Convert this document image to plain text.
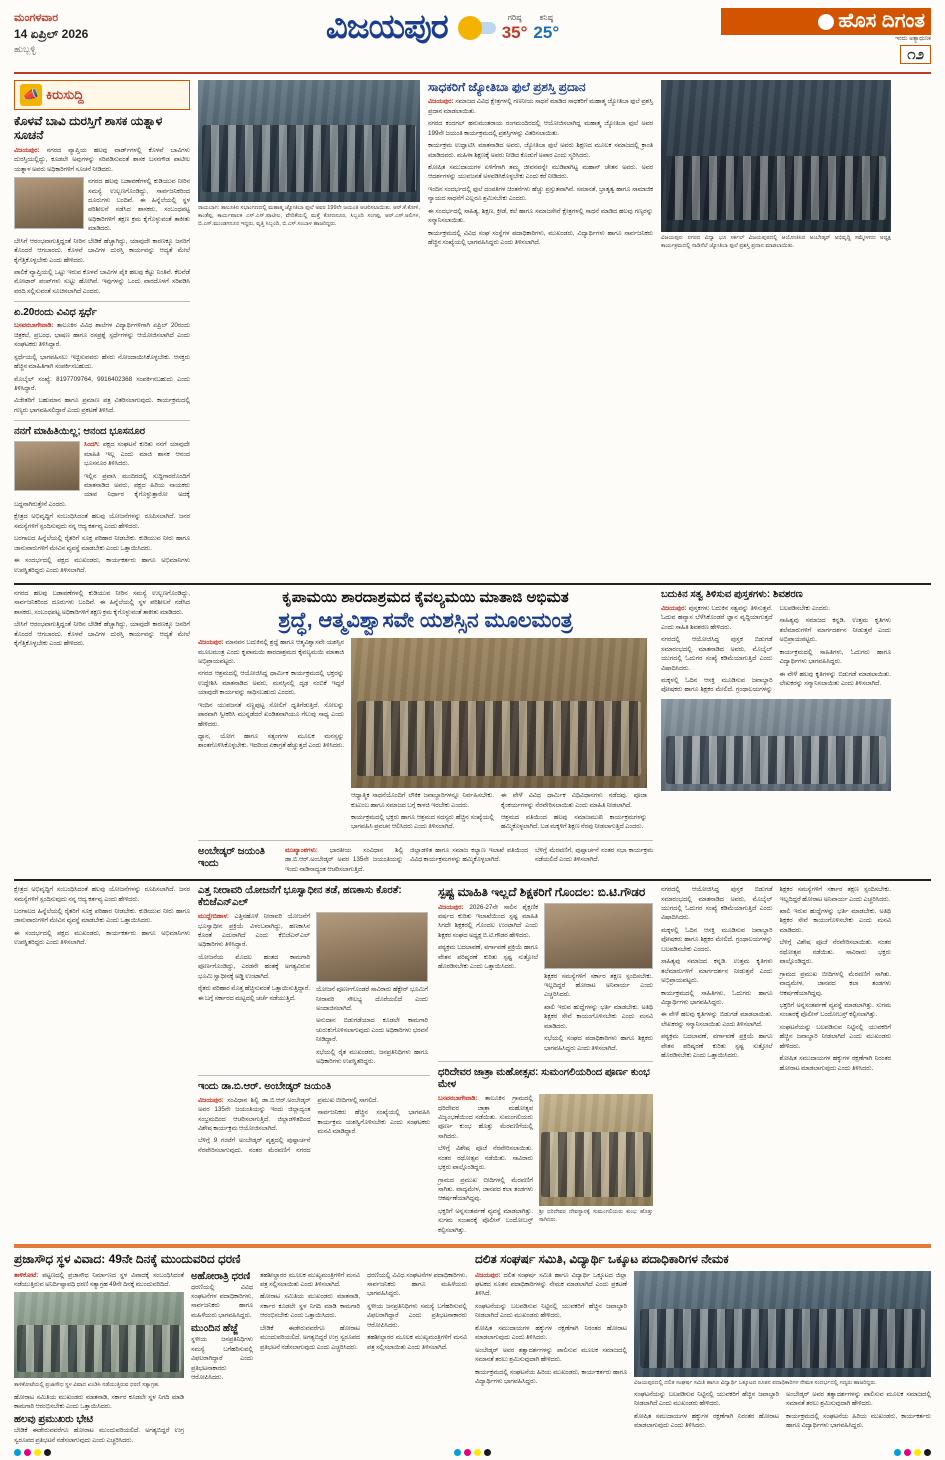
ಮಂಗಳವಾರ
14 ಏಪ್ರಿಲ್ 2026
ಹುಬ್ಬಳ್ಳಿ
ವಿಜಯಪುರ	ಗರಿಷ್ಠ
35°
ಕನಿಷ್ಠ
25°	ಹೊಸ ದಿಗಂತ
ಇಂದು ಅತ್ಯಾಧುನಿಕ
೧೨
📣 ಕಿರುಸುದ್ದಿ
ಕೊಳವೆ ಬಾವಿ ದುರಸ್ತಿಗೆ ಶಾಸಕ ಯತ್ನಾಳ ಸೂಚನೆ

ವಿಜಯಪುರ: ನಗರದ ವ್ಯಾಪ್ತಿಯ ಹಲವು ವಾರ್ಡ್‌ಗಳಲ್ಲಿ ಕೊಳವೆ ಬಾವಿಗಳು ದುರಸ್ತಿಯಲ್ಲಿದ್ದು, ಕೂಡಲೇ ಅವುಗಳನ್ನು ಸರಿಪಡಿಸುವಂತೆ ಶಾಸಕ ಬಸನಗೌಡ ಪಾಟೀಲ ಯತ್ನಾಳ ಅವರು ಅಧಿಕಾರಿಗಳಿಗೆ ಸೂಚನೆ ನೀಡಿದರು.

ನಗರದ ಹಲವು ಬಡಾವಣೆಗಳಲ್ಲಿ ಕುಡಿಯುವ ನೀರಿನ ಸಮಸ್ಯೆ ಉಲ್ಬಣಗೊಂಡಿದ್ದು, ಸಾರ್ವಜನಿಕರಿಂದ ದೂರುಗಳು ಬಂದಿವೆ. ಈ ಹಿನ್ನೆಲೆಯಲ್ಲಿ ಸ್ಥಳ ಪರಿಶೀಲನೆ ನಡೆಸಿದ ಶಾಸಕರು, ಸಂಬಂಧಪಟ್ಟ ಅಧಿಕಾರಿಗಳಿಗೆ ತಕ್ಷಣ ಕ್ರಮ ಕೈಗೊಳ್ಳುವಂತೆ ತಾಕೀತು ಮಾಡಿದರು.

ಬೇಸಿಗೆ ಆರಂಭವಾಗುತ್ತಿದ್ದಂತೆ ನೀರಿನ ಬೇಡಿಕೆ ಹೆಚ್ಚಾಗಿದ್ದು, ಯಾವುದೇ ಕಾರಣಕ್ಕೂ ಜನರಿಗೆ ತೊಂದರೆ ಆಗಬಾರದು. ಕೊಳವೆ ಬಾವಿಗಳ ದುರಸ್ತಿ ಕಾರ್ಯವನ್ನು ಆದ್ಯತೆ ಮೇಲೆ ಕೈಗೆತ್ತಿಕೊಳ್ಳಬೇಕು ಎಂದು ಹೇಳಿದರು.

ಪಾಲಿಕೆ ವ್ಯಾಪ್ತಿಯಲ್ಲಿ ಒಟ್ಟು ಇರುವ ಕೊಳವೆ ಬಾವಿಗಳ ಪೈಕಿ ಹಲವು ಕೆಟ್ಟು ನಿಂತಿವೆ. ಕೆಲವೆಡೆ ಮೋಟಾರ್ ಪಂಪ್‌ಗಳು ಸುಟ್ಟು ಹೋಗಿವೆ. ಇವುಗಳನ್ನು ಒಂದು ವಾರದೊಳಗೆ ಸರಿಪಡಿಸಿ ವರದಿ ಸಲ್ಲಿಸುವಂತೆ ಸೂಚಿಸಲಾಗಿದೆ ಎಂದರು.

ಏ.20ರಂದು ವಿವಿಧ ಸ್ಪರ್ಧೆ

ಬಸವನಬಾಗೇವಾಡಿ: ತಾಲೂಕಿನ ವಿವಿಧ ಶಾಲೆಗಳ ವಿದ್ಯಾರ್ಥಿಗಳಿಗಾಗಿ ಏಪ್ರಿಲ್ 20ರಂದು ಚಿತ್ರಕಲೆ, ಪ್ರಬಂಧ, ಭಾಷಣ ಹಾಗೂ ರಸಪ್ರಶ್ನೆ ಸ್ಪರ್ಧೆಗಳನ್ನು ಆಯೋಜಿಸಲಾಗಿದೆ ಎಂದು ಸಂಘಟಕರು ತಿಳಿಸಿದ್ದಾರೆ.

ಸ್ಪರ್ಧೆಯಲ್ಲಿ ಭಾಗವಹಿಸಲು ಇಚ್ಛಿಸುವವರು ಹೆಸರು ನೋಂದಾಯಿಸಿಕೊಳ್ಳಬೇಕು. ಆಸಕ್ತರು ಹೆಚ್ಚಿನ ಮಾಹಿತಿಗಾಗಿ ಸಂಪರ್ಕಿಸಬಹುದು.

ಮೊಬೈಲ್ ಸಂಖ್ಯೆ: 8197709764, 9916402368 ಸಂಪರ್ಕಿಸಬಹುದು ಎಂದು ತಿಳಿಸಿದ್ದಾರೆ.

ವಿಜೇತರಿಗೆ ಬಹುಮಾನ ಹಾಗೂ ಪ್ರಮಾಣ ಪತ್ರ ವಿತರಿಸಲಾಗುವುದು. ಕಾರ್ಯಕ್ರಮದಲ್ಲಿ ಗಣ್ಯರು ಭಾಗವಹಿಸಲಿದ್ದಾರೆ ಎಂದು ಪ್ರಕಟಣೆ ತಿಳಿಸಿದೆ.

ನನಗೆ ಮಾಹಿತಿಯಿಲ್ಲ; ಆನಂದ ಭೂಸನೂರ

ಸಿಂದಗಿ: ಪಕ್ಷದ ಸಂಘಟನೆ ಕುರಿತು ನನಗೆ ಯಾವುದೇ ಮಾಹಿತಿ ಇಲ್ಲ ಎಂದು ಮಾಜಿ ಶಾಸಕ ಆನಂದ ಭೂಸನೂರ ತಿಳಿಸಿದರು.

ಇಲ್ಲಿನ ಪ್ರವಾಸಿ ಮಂದಿರದಲ್ಲಿ ಸುದ್ದಿಗಾರರೊಂದಿಗೆ ಮಾತನಾಡಿದ ಅವರು, ಪಕ್ಷದ ಹಿರಿಯ ನಾಯಕರು ಯಾವ ನಿರ್ಧಾರ ಕೈಗೊಳ್ಳುತ್ತಾರೋ ಅದಕ್ಕೆ ಬದ್ಧನಾಗಿರುತ್ತೇನೆ ಎಂದರು.

ಕ್ಷೇತ್ರದ ಅಭಿವೃದ್ಧಿಗೆ ಸಂಬಂಧಿಸಿದಂತೆ ಹಲವು ಯೋಜನೆಗಳನ್ನು ರೂಪಿಸಲಾಗಿದೆ. ಜನರ ಸಮಸ್ಯೆಗಳಿಗೆ ಸ್ಪಂದಿಸುವುದು ನನ್ನ ಆದ್ಯ ಕರ್ತವ್ಯ ಎಂದು ಹೇಳಿದರು.

ಬರಗಾಲದ ಹಿನ್ನೆಲೆಯಲ್ಲಿ ರೈತರಿಗೆ ಸೂಕ್ತ ಪರಿಹಾರ ನೀಡಬೇಕು. ಕುಡಿಯುವ ನೀರು ಹಾಗೂ ಜಾನುವಾರುಗಳಿಗೆ ಮೇವಿನ ವ್ಯವಸ್ಥೆ ಮಾಡಬೇಕು ಎಂದು ಒತ್ತಾಯಿಸಿದರು.

ಈ ಸಂದರ್ಭದಲ್ಲಿ ಪಕ್ಷದ ಮುಖಂಡರು, ಕಾರ್ಯಕರ್ತರು ಹಾಗೂ ಅಭಿಮಾನಿಗಳು ಉಪಸ್ಥಿತರಿದ್ದರು ಎಂದು ತಿಳಿಸಲಾಗಿದೆ.

ರಾಯಬಾಗ: ತಾಲೂಕಿನ ಸಭಾಂಗಣದಲ್ಲಿ ಮಹಾತ್ಮ ಜ್ಯೋತಿಬಾ ಫುಲೆ ಅವರ 199ನೇ ಜಯಂತಿ ಆಚರಿಸಲಾಯಿತು. ಆರ್.ಕೆ.ಕೋಳಿ, ಕಾಂತೆಪ್ಪ, ಕಾರ್ಯಪಾಲಕ ಎಸ್.ಎಸ್.ಪಾಟೀಲ, ವೇದಿಕೆಯಲ್ಲಿ ಮತ್ತೆ ಕೋಣನೂರ, ಸಿಬ್ಬಂದಿ ಸಂಗಪ್ಪ, ಆರ್.ಎಸ್.ಅಲಿಗಳ, ಬಿ.ಎಸ್.ಮುಂಡಗನೂರ ಇದ್ದರು, ವೃತ್ತಿ ಸಿಬ್ಬಂದಿ, ಬಿ.ಎಸ್.ಸಂಬಾಳ ಹಾಜರಿದ್ದರು.
ಸಾಧಕರಿಗೆ ಜ್ಯೋತಿಬಾ ಫುಲೆ ಪ್ರಶಸ್ತಿ ಪ್ರದಾನ

ವಿಜಯಪುರ: ಸಮಾಜದ ವಿವಿಧ ಕ್ಷೇತ್ರಗಳಲ್ಲಿ ಗಣನೀಯ ಸಾಧನೆ ಮಾಡಿದ ಸಾಧಕರಿಗೆ ಮಹಾತ್ಮ ಜ್ಯೋತಿಬಾ ಫುಲೆ ಪ್ರಶಸ್ತಿ ಪ್ರದಾನ ಮಾಡಲಾಯಿತು.

ನಗರದ ಕಂದಗಲ್ ಹನುಮಂತರಾಯ ರಂಗಮಂದಿರದಲ್ಲಿ ಆಯೋಜಿಸಲಾಗಿದ್ದ ಮಹಾತ್ಮ ಜ್ಯೋತಿಬಾ ಫುಲೆ ಅವರ 199ನೇ ಜಯಂತಿ ಕಾರ್ಯಕ್ರಮದಲ್ಲಿ ಪ್ರಶಸ್ತಿಗಳನ್ನು ವಿತರಿಸಲಾಯಿತು.

ಕಾರ್ಯಕ್ರಮ ಉದ್ಘಾಟಿಸಿ ಮಾತನಾಡಿದ ಅವರು, ಜ್ಯೋತಿಬಾ ಫುಲೆ ಅವರು ಶಿಕ್ಷಣದ ಮೂಲಕ ಸಮಾಜದಲ್ಲಿ ಕ್ರಾಂತಿ ಮಾಡಿದವರು. ಮಹಿಳಾ ಶಿಕ್ಷಣಕ್ಕೆ ಅವರು ನೀಡಿದ ಕೊಡುಗೆ ಅಪಾರ ಎಂದು ಸ್ಮರಿಸಿದರು.

ಶೋಷಿತ ಸಮುದಾಯಗಳ ಏಳಿಗೆಗಾಗಿ ತಮ್ಮ ಜೀವನವನ್ನೇ ಮುಡಿಪಾಗಿಟ್ಟ ಮಹಾನ್ ಚೇತನ ಅವರು. ಅವರ ಆದರ್ಶಗಳನ್ನು ಯುವಜನತೆ ಅಳವಡಿಸಿಕೊಳ್ಳಬೇಕು ಎಂದು ಕರೆ ನೀಡಿದರು.

ಇಂದಿನ ಸಂದರ್ಭದಲ್ಲಿ ಫುಲೆ ದಂಪತಿಗಳ ಚಿಂತನೆಗಳು ಹೆಚ್ಚು ಪ್ರಸ್ತುತವಾಗಿವೆ. ಸಮಾನತೆ, ಭ್ರಾತೃತ್ವ ಹಾಗೂ ಸಾಮಾಜಿಕ ನ್ಯಾಯದ ಸಾಧನೆಗೆ ಎಲ್ಲರೂ ಶ್ರಮಿಸಬೇಕು ಎಂದರು.

ಈ ಸಂದರ್ಭದಲ್ಲಿ ಸಾಹಿತ್ಯ, ಶಿಕ್ಷಣ, ಕ್ರೀಡೆ, ಕಲೆ ಹಾಗೂ ಸಮಾಜಸೇವೆ ಕ್ಷೇತ್ರಗಳಲ್ಲಿ ಸಾಧನೆ ಮಾಡಿದ ಹಲವು ಗಣ್ಯರನ್ನು ಸನ್ಮಾನಿಸಲಾಯಿತು.

ಕಾರ್ಯಕ್ರಮದಲ್ಲಿ ವಿವಿಧ ಸಂಘ ಸಂಸ್ಥೆಗಳ ಪದಾಧಿಕಾರಿಗಳು, ಮುಖಂಡರು, ವಿದ್ಯಾರ್ಥಿಗಳು ಹಾಗೂ ಸಾರ್ವಜನಿಕರು ಹೆಚ್ಚಿನ ಸಂಖ್ಯೆಯಲ್ಲಿ ಭಾಗವಹಿಸಿದ್ದರು ಎಂದು ತಿಳಿಸಲಾಗಿದೆ.

ವಿಜಯಪುರ: ನಗರದ ವಿದ್ಯಾ ಭೂ ಸರ್ಕಲ್ ವಿಜಯಪುರದಲ್ಲಿ ಆಯೋಜಿಸಿದ ಅಂಬೇಡ್ಕರ್ ಅಭಿವೃದ್ಧಿ ಸಮ್ಮೇಳನದ ಅಧ್ಯಕ್ಷ ಕಾರ್ಯಕ್ರಮದಲ್ಲಿ ನಾಡಿನೆಲೆ ಜ್ಯೋತಿಬಾ ಫುಲೆ ಪ್ರಶಸ್ತಿ ಪ್ರದಾನ ಮಾಡಲಾಯಿತು.

ನಗರದ ಹಲವು ಬಡಾವಣೆಗಳಲ್ಲಿ ಕುಡಿಯುವ ನೀರಿನ ಸಮಸ್ಯೆ ಉಲ್ಬಣಗೊಂಡಿದ್ದು, ಸಾರ್ವಜನಿಕರಿಂದ ದೂರುಗಳು ಬಂದಿವೆ. ಈ ಹಿನ್ನೆಲೆಯಲ್ಲಿ ಸ್ಥಳ ಪರಿಶೀಲನೆ ನಡೆಸಿದ ಶಾಸಕರು, ಸಂಬಂಧಪಟ್ಟ ಅಧಿಕಾರಿಗಳಿಗೆ ತಕ್ಷಣ ಕ್ರಮ ಕೈಗೊಳ್ಳುವಂತೆ ತಾಕೀತು ಮಾಡಿದರು.

ಬೇಸಿಗೆ ಆರಂಭವಾಗುತ್ತಿದ್ದಂತೆ ನೀರಿನ ಬೇಡಿಕೆ ಹೆಚ್ಚಾಗಿದ್ದು, ಯಾವುದೇ ಕಾರಣಕ್ಕೂ ಜನರಿಗೆ ತೊಂದರೆ ಆಗಬಾರದು. ಕೊಳವೆ ಬಾವಿಗಳ ದುರಸ್ತಿ ಕಾರ್ಯವನ್ನು ಆದ್ಯತೆ ಮೇಲೆ ಕೈಗೆತ್ತಿಕೊಳ್ಳಬೇಕು ಎಂದು ಹೇಳಿದರು.

ಕೃಪಾಮಯಿ ಶಾರದಾಶ್ರಮದ ಕೈವಲ್ಯಮಯಿ ಮಾತಾಜಿ ಅಭಿಮತ
ಶ್ರದ್ಧೆ, ಆತ್ಮವಿಶ್ವಾಸವೇ ಯಶಸ್ಸಿನ ಮೂಲಮಂತ್ರ

ವಿಜಯಪುರ: ಮಾನವನ ಬದುಕಿನಲ್ಲಿ ಶ್ರದ್ಧೆ ಹಾಗೂ ಆತ್ಮವಿಶ್ವಾಸವೇ ಯಶಸ್ಸಿನ ಮೂಲಮಂತ್ರ ಎಂದು ಕೃಪಾಮಯಿ ಶಾರದಾಶ್ರಮದ ಕೈವಲ್ಯಮಯಿ ಮಾತಾಜಿ ಅಭಿಪ್ರಾಯಪಟ್ಟರು.

ನಗರದ ಆಶ್ರಮದಲ್ಲಿ ಆಯೋಜಿಸಿದ್ದ ಧಾರ್ಮಿಕ ಕಾರ್ಯಕ್ರಮದಲ್ಲಿ ಭಕ್ತರನ್ನು ಉದ್ದೇಶಿಸಿ ಮಾತನಾಡಿದ ಅವರು, ಮನಸ್ಸಿನಲ್ಲಿ ದೃಢ ನಂಬಿಕೆ ಇದ್ದರೆ ಯಾವುದೇ ಕಾರ್ಯವನ್ನು ಸಾಧಿಸಬಹುದು ಎಂದರು.

ಇಂದಿನ ಯುವಜನತೆ ಸಣ್ಣಪುಟ್ಟ ಸೋಲಿಗೆ ಧೃತಿಗೆಡುತ್ತಿದೆ. ಸೋಲನ್ನು ಪಾಠವಾಗಿ ಸ್ವೀಕರಿಸಿ ಮುನ್ನಡೆದರೆ ಖಂಡಿತವಾಗಿಯೂ ಗೆಲುವು ಸಾಧ್ಯ ಎಂದು ಹೇಳಿದರು.

ಧ್ಯಾನ, ಯೋಗ ಹಾಗೂ ಸತ್ಸಂಗಗಳ ಮೂಲಕ ಮನಸ್ಸನ್ನು ಶಾಂತಗೊಳಿಸಿಕೊಳ್ಳಬೇಕು. ಇದರಿಂದ ಏಕಾಗ್ರತೆ ಹೆಚ್ಚುತ್ತದೆ ಎಂದು ತಿಳಿಸಿದರು.

ಆಧ್ಯಾತ್ಮಿಕ ಸಾಧನೆಯೊಂದಿಗೆ ಲೌಕಿಕ ಜವಾಬ್ದಾರಿಗಳನ್ನೂ ನಿರ್ವಹಿಸಬೇಕು. ಕುಟುಂಬ ಹಾಗೂ ಸಮಾಜದ ಬಗ್ಗೆ ಕಾಳಜಿ ಇರಬೇಕು ಎಂದರು.

ಕಾರ್ಯಕ್ರಮದಲ್ಲಿ ಭಕ್ತರು ಹಾಗೂ ಆಶ್ರಮದ ಸದಸ್ಯರು ಹೆಚ್ಚಿನ ಸಂಖ್ಯೆಯಲ್ಲಿ ಭಾಗವಹಿಸಿ ಪ್ರವಚನ ಆಲಿಸಿದರು ಎಂದು ತಿಳಿಸಲಾಗಿದೆ.

ಈ ವೇಳೆ ವಿವಿಧ ಧಾರ್ಮಿಕ ವಿಧಿವಿಧಾನಗಳು ನಡೆದವು. ಪೂಜಾ ಕೈಂಕರ್ಯಗಳನ್ನು ನೆರವೇರಿಸಲಾಯಿತು ಎಂದು ಮಾಹಿತಿ ನೀಡಲಾಗಿದೆ.

ಆಶ್ರಮದ ವತಿಯಿಂದ ಹಲವು ಸಮಾಜಮುಖಿ ಕಾರ್ಯಕ್ರಮಗಳನ್ನು ಹಮ್ಮಿಕೊಳ್ಳಲಾಗಿದೆ. ಬಡ ಮಕ್ಕಳಿಗೆ ಶಿಕ್ಷಣ ನೆರವು ನೀಡಲಾಗುತ್ತಿದೆ ಎಂದರು.

ಅಂಬೇಡ್ಕರ್ ಜಯಂತಿ ಇಂದು

ಮುಖ್ಯಾಂಶಗಳು: ಭಾರತೀಯ ಸಂವಿಧಾನ ಶಿಲ್ಪಿ ಡಾ.ಬಿ.ಆರ್.ಅಂಬೇಡ್ಕರ್ ಅವರ 135ನೇ ಜಯಂತಿಯನ್ನು ಇಂದು ನಾಡಿನಾದ್ಯಂತ ಆಚರಿಸಲಾಗುತ್ತಿದೆ.

ಜಿಲ್ಲಾಡಳಿತ ಹಾಗೂ ಸಮಾಜ ಕಲ್ಯಾಣ ಇಲಾಖೆ ವತಿಯಿಂದ ವಿವಿಧ ಕಾರ್ಯಕ್ರಮಗಳನ್ನು ಹಮ್ಮಿಕೊಳ್ಳಲಾಗಿದೆ.

ಬೆಳಿಗ್ಗೆ ಮೆರವಣಿಗೆ, ಪುಷ್ಪಾರ್ಚನೆ ನಂತರ ಸಭಾ ಕಾರ್ಯಕ್ರಮ ನಡೆಯಲಿದೆ ಎಂದು ತಿಳಿಸಲಾಗಿದೆ.

ಬದುಕಿನ ಸತ್ವ ತಿಳಿಸುವ ಪುಸ್ತಕಗಳು: ಶಿವಶರಣ

ವಿಜಯಪುರ: ಪುಸ್ತಕಗಳು ಬದುಕಿನ ಸತ್ವವನ್ನು ತಿಳಿಸುತ್ತವೆ. ಓದುವ ಹವ್ಯಾಸ ಬೆಳೆಸಿಕೊಂಡರೆ ಜ್ಞಾನ ವೃದ್ಧಿಯಾಗುತ್ತದೆ ಎಂದು ಸಾಹಿತಿ ಶಿವಶರಣ ಹೇಳಿದರು.

ನಗರದಲ್ಲಿ ಆಯೋಜಿಸಿದ್ದ ಪುಸ್ತಕ ಬಿಡುಗಡೆ ಸಮಾರಂಭದಲ್ಲಿ ಮಾತನಾಡಿದ ಅವರು, ಮೊಬೈಲ್ ಯುಗದಲ್ಲಿ ಓದುಗರ ಸಂಖ್ಯೆ ಕಡಿಮೆಯಾಗುತ್ತಿದೆ ಎಂದು ವಿಷಾದಿಸಿದರು.

ಮಕ್ಕಳಲ್ಲಿ ಓದಿನ ಆಸಕ್ತಿ ಮೂಡಿಸುವ ಜವಾಬ್ದಾರಿ ಪೋಷಕರು ಹಾಗೂ ಶಿಕ್ಷಕರ ಮೇಲಿದೆ. ಗ್ರಂಥಾಲಯಗಳನ್ನು ಬಲಪಡಿಸಬೇಕು ಎಂದರು.

ಸಾಹಿತ್ಯವು ಸಮಾಜದ ಕನ್ನಡಿ. ಉತ್ತಮ ಕೃತಿಗಳು ತಲೆಮಾರುಗಳಿಗೆ ಮಾರ್ಗದರ್ಶನ ನೀಡುತ್ತವೆ ಎಂದು ಅಭಿಪ್ರಾಯಪಟ್ಟರು.

ಕಾರ್ಯಕ್ರಮದಲ್ಲಿ ಸಾಹಿತಿಗಳು, ಓದುಗರು ಹಾಗೂ ವಿದ್ಯಾರ್ಥಿಗಳು ಭಾಗವಹಿಸಿದ್ದರು.

ಈ ವೇಳೆ ಹಲವು ಕೃತಿಗಳನ್ನು ಬಿಡುಗಡೆ ಮಾಡಲಾಯಿತು. ಲೇಖಕರನ್ನು ಸನ್ಮಾನಿಸಲಾಯಿತು ಎಂದು ತಿಳಿಸಲಾಗಿದೆ.

ಕ್ಷೇತ್ರದ ಅಭಿವೃದ್ಧಿಗೆ ಸಂಬಂಧಿಸಿದಂತೆ ಹಲವು ಯೋಜನೆಗಳನ್ನು ರೂಪಿಸಲಾಗಿದೆ. ಜನರ ಸಮಸ್ಯೆಗಳಿಗೆ ಸ್ಪಂದಿಸುವುದು ನನ್ನ ಆದ್ಯ ಕರ್ತವ್ಯ ಎಂದು ಹೇಳಿದರು.

ಬರಗಾಲದ ಹಿನ್ನೆಲೆಯಲ್ಲಿ ರೈತರಿಗೆ ಸೂಕ್ತ ಪರಿಹಾರ ನೀಡಬೇಕು. ಕುಡಿಯುವ ನೀರು ಹಾಗೂ ಜಾನುವಾರುಗಳಿಗೆ ಮೇವಿನ ವ್ಯವಸ್ಥೆ ಮಾಡಬೇಕು ಎಂದು ಒತ್ತಾಯಿಸಿದರು.

ಈ ಸಂದರ್ಭದಲ್ಲಿ ಪಕ್ಷದ ಮುಖಂಡರು, ಕಾರ್ಯಕರ್ತರು ಹಾಗೂ ಅಭಿಮಾನಿಗಳು ಉಪಸ್ಥಿತರಿದ್ದರು ಎಂದು ತಿಳಿಸಲಾಗಿದೆ.

ಎತ್ತ ನೀರಾವರಿ ಯೋಜನೆಗೆ ಭೂಸ್ವಾಧೀನ ತಡೆ, ಹಣಕಾಸು ಕೊರತೆ: ಕೆಬಿಜೆಎನ್‌ಎಲ್

ಮುದ್ದೇಬಿಹಾಳ: ಎತ್ತಿನಹೊಳೆ ನೀರಾವರಿ ಯೋಜನೆಗೆ ಭೂಸ್ವಾಧೀನ ಪ್ರಕ್ರಿಯೆ ವಿಳಂಬವಾಗಿದ್ದು, ಹಣಕಾಸಿನ ಕೊರತೆ ಎದುರಾಗಿದೆ ಎಂದು ಕೆಬಿಜೆಎನ್‌ಎಲ್ ಅಧಿಕಾರಿಗಳು ತಿಳಿಸಿದ್ದಾರೆ.

ಯೋಜನೆಯ ಮೊದಲ ಹಂತದ ಕಾಮಗಾರಿ ಪೂರ್ಣಗೊಂಡಿದ್ದು, ಎರಡನೇ ಹಂತಕ್ಕೆ ಅಗತ್ಯವಿರುವ ಭೂಮಿ ಸ್ವಾಧೀನಕ್ಕೆ ಅಡ್ಡಿ ಉಂಟಾಗಿದೆ.

ರೈತರು ಪರಿಹಾರ ಮೊತ್ತ ಹೆಚ್ಚಿಸುವಂತೆ ಒತ್ತಾಯಿಸುತ್ತಿದ್ದಾರೆ. ಈ ಬಗ್ಗೆ ಸರ್ಕಾರದ ಮಟ್ಟದಲ್ಲಿ ಚರ್ಚೆ ನಡೆಯುತ್ತಿದೆ.

ಯೋಜನೆ ಪೂರ್ಣಗೊಂಡರೆ ಸಾವಿರಾರು ಹೆಕ್ಟೇರ್ ಭೂಮಿಗೆ ನೀರಾವರಿ ಸೌಲಭ್ಯ ದೊರೆಯಲಿದೆ ಎಂದು ಅಂದಾಜಿಸಲಾಗಿದೆ.

ಅನುದಾನ ಬಿಡುಗಡೆಯಾದ ಕೂಡಲೇ ಕಾಮಗಾರಿ ಚುರುಕುಗೊಳಿಸಲಾಗುವುದು ಎಂದು ಅಧಿಕಾರಿಗಳು ಭರವಸೆ ನೀಡಿದ್ದಾರೆ.

ಸಭೆಯಲ್ಲಿ ರೈತ ಮುಖಂಡರು, ಜನಪ್ರತಿನಿಧಿಗಳು ಹಾಗೂ ಅಧಿಕಾರಿಗಳು ಉಪಸ್ಥಿತರಿದ್ದರು.

ಇಂದು ಡಾ.ಬಿ.ಆರ್. ಅಂಬೇಡ್ಕರ್ ಜಯಂತಿ

ವಿಜಯಪುರ: ಸಂವಿಧಾನ ಶಿಲ್ಪಿ ಡಾ.ಬಿ.ಆರ್.ಅಂಬೇಡ್ಕರ್ ಅವರ 135ನೇ ಜಯಂತಿಯನ್ನು ಇಂದು ಜಿಲ್ಲಾದ್ಯಂತ ಸಂಭ್ರಮದಿಂದ ಆಚರಿಸಲಾಗುತ್ತಿದೆ. ಜಿಲ್ಲಾಡಳಿತದಿಂದ ವಿಶೇಷ ಕಾರ್ಯಕ್ರಮ ಆಯೋಜಿಸಲಾಗಿದೆ.

ಬೆಳಿಗ್ಗೆ 9 ಗಂಟೆಗೆ ಅಂಬೇಡ್ಕರ್ ವೃತ್ತದಲ್ಲಿ ಪುಷ್ಪಾರ್ಚನೆ ನೆರವೇರಿಸಲಾಗುವುದು. ನಂತರ ಮೆರವಣಿಗೆ ನಗರದ ಪ್ರಮುಖ ಬೀದಿಗಳಲ್ಲಿ ಸಾಗಲಿದೆ.

ಸಾರ್ವಜನಿಕರು ಹೆಚ್ಚಿನ ಸಂಖ್ಯೆಯಲ್ಲಿ ಭಾಗವಹಿಸಿ ಕಾರ್ಯಕ್ರಮ ಯಶಸ್ವಿಗೊಳಿಸಬೇಕು ಎಂದು ಸಂಘಟಕರು ಮನವಿ ಮಾಡಿದ್ದಾರೆ.

ಸ್ಪಷ್ಟ ಮಾಹಿತಿ ಇಲ್ಲದೆ ಶಿಕ್ಷಕರಿಗೆ ಗೊಂದಲ: ಬಿ.ಟಿ.ಗೌಡರ

ವಿಜಯಪುರ: 2026-27ನೇ ಸಾಲಿನ ಶೈಕ್ಷಣಿಕ ವರ್ಷದ ಕುರಿತು ಇಲಾಖೆಯಿಂದ ಸ್ಪಷ್ಟ ಮಾಹಿತಿ ಸಿಗದೇ ಶಿಕ್ಷಕರಲ್ಲಿ ಗೊಂದಲ ಉಂಟಾಗಿದೆ ಎಂದು ಶಿಕ್ಷಕರ ಸಂಘದ ಅಧ್ಯಕ್ಷ ಬಿ.ಟಿ.ಗೌಡರ ಹೇಳಿದರು.

ಪಠ್ಯಕ್ರಮ ಬದಲಾವಣೆ, ವರ್ಗಾವಣೆ ಪ್ರಕ್ರಿಯೆ ಹಾಗೂ ವೇತನ ಪರಿಷ್ಕರಣೆ ಕುರಿತು ಸ್ಪಷ್ಟ ಸುತ್ತೋಲೆ ಹೊರಡಿಸಬೇಕು ಎಂದು ಒತ್ತಾಯಿಸಿದರು.

ಶಿಕ್ಷಕರ ಸಮಸ್ಯೆಗಳಿಗೆ ಸರ್ಕಾರ ತಕ್ಷಣ ಸ್ಪಂದಿಸಬೇಕು. ಇಲ್ಲದಿದ್ದರೆ ಹೋರಾಟ ಅನಿವಾರ್ಯ ಎಂದು ಎಚ್ಚರಿಸಿದರು.

ಖಾಲಿ ಇರುವ ಹುದ್ದೆಗಳನ್ನು ಭರ್ತಿ ಮಾಡಬೇಕು. ಅತಿಥಿ ಶಿಕ್ಷಕರ ಸೇವೆ ಕಾಯಂಗೊಳಿಸಬೇಕು ಎಂದು ಮನವಿ ಮಾಡಿದರು.

ಸಭೆಯಲ್ಲಿ ಸಂಘದ ಪದಾಧಿಕಾರಿಗಳು ಹಾಗೂ ಶಿಕ್ಷಕರು ಭಾಗವಹಿಸಿದ್ದರು ಎಂದು ತಿಳಿಸಲಾಗಿದೆ.

ಧರಿದೇವರ ಜಾತ್ರಾ ಮಹೋತ್ಸವ: ಸುಮಂಗಲಿಯರಿಂದ ಪೂರ್ಣ ಕುಂಭ ಮೇಳ

ಬಸವನಬಾಗೇವಾಡಿ: ತಾಲೂಕಿನ ಗ್ರಾಮದಲ್ಲಿ ಧರಿದೇವರ ಜಾತ್ರಾ ಮಹೋತ್ಸವ ವಿಜೃಂಭಣೆಯಿಂದ ನಡೆಯಿತು. ಸುಮಂಗಲಿಯರು ಪೂರ್ಣ ಕುಂಭ ಹೊತ್ತು ಮೆರವಣಿಗೆಯಲ್ಲಿ ಸಾಗಿದರು.

ಬೆಳಿಗ್ಗೆ ವಿಶೇಷ ಪೂಜೆ ನೆರವೇರಿಸಲಾಯಿತು. ನಂತರ ರಥೋತ್ಸವ ನಡೆಯಿತು. ಸಾವಿರಾರು ಭಕ್ತರು ಪಾಲ್ಗೊಂಡಿದ್ದರು.

ಗ್ರಾಮದ ಪ್ರಮುಖ ಬೀದಿಗಳಲ್ಲಿ ಮೆರವಣಿಗೆ ಸಾಗಿತು. ವಾದ್ಯಮೇಳ, ಜಾನಪದ ಕಲಾ ತಂಡಗಳು ಆಕರ್ಷಣೆಯಾಗಿದ್ದವು.

ಭಕ್ತರಿಗೆ ಅನ್ನಸಂತರ್ಪಣೆ ವ್ಯವಸ್ಥೆ ಮಾಡಲಾಗಿತ್ತು. ಸುಗಮ ಸಂಚಾರಕ್ಕೆ ಪೊಲೀಸ್ ಬಂದೋಬಸ್ತ್ ಕಲ್ಪಿಸಲಾಗಿತ್ತು.

ಶ್ರೀ ಧರಿದೇವರ ದೇವಸ್ಥಾನಕ್ಕೆ ಸುಮಂಗಲಿಯರು ಕುಂಭ ಹೊತ್ತು ಸಾಗಿದರು.

ನಗರದಲ್ಲಿ ಆಯೋಜಿಸಿದ್ದ ಪುಸ್ತಕ ಬಿಡುಗಡೆ ಸಮಾರಂಭದಲ್ಲಿ ಮಾತನಾಡಿದ ಅವರು, ಮೊಬೈಲ್ ಯುಗದಲ್ಲಿ ಓದುಗರ ಸಂಖ್ಯೆ ಕಡಿಮೆಯಾಗುತ್ತಿದೆ ಎಂದು ವಿಷಾದಿಸಿದರು.

ಮಕ್ಕಳಲ್ಲಿ ಓದಿನ ಆಸಕ್ತಿ ಮೂಡಿಸುವ ಜವಾಬ್ದಾರಿ ಪೋಷಕರು ಹಾಗೂ ಶಿಕ್ಷಕರ ಮೇಲಿದೆ. ಗ್ರಂಥಾಲಯಗಳನ್ನು ಬಲಪಡಿಸಬೇಕು ಎಂದರು.

ಸಾಹಿತ್ಯವು ಸಮಾಜದ ಕನ್ನಡಿ. ಉತ್ತಮ ಕೃತಿಗಳು ತಲೆಮಾರುಗಳಿಗೆ ಮಾರ್ಗದರ್ಶನ ನೀಡುತ್ತವೆ ಎಂದು ಅಭಿಪ್ರಾಯಪಟ್ಟರು.

ಕಾರ್ಯಕ್ರಮದಲ್ಲಿ ಸಾಹಿತಿಗಳು, ಓದುಗರು ಹಾಗೂ ವಿದ್ಯಾರ್ಥಿಗಳು ಭಾಗವಹಿಸಿದ್ದರು.

ಈ ವೇಳೆ ಹಲವು ಕೃತಿಗಳನ್ನು ಬಿಡುಗಡೆ ಮಾಡಲಾಯಿತು. ಲೇಖಕರನ್ನು ಸನ್ಮಾನಿಸಲಾಯಿತು ಎಂದು ತಿಳಿಸಲಾಗಿದೆ.

ಪಠ್ಯಕ್ರಮ ಬದಲಾವಣೆ, ವರ್ಗಾವಣೆ ಪ್ರಕ್ರಿಯೆ ಹಾಗೂ ವೇತನ ಪರಿಷ್ಕರಣೆ ಕುರಿತು ಸ್ಪಷ್ಟ ಸುತ್ತೋಲೆ ಹೊರಡಿಸಬೇಕು ಎಂದು ಒತ್ತಾಯಿಸಿದರು.

ಶಿಕ್ಷಕರ ಸಮಸ್ಯೆಗಳಿಗೆ ಸರ್ಕಾರ ತಕ್ಷಣ ಸ್ಪಂದಿಸಬೇಕು. ಇಲ್ಲದಿದ್ದರೆ ಹೋರಾಟ ಅನಿವಾರ್ಯ ಎಂದು ಎಚ್ಚರಿಸಿದರು.

ಖಾಲಿ ಇರುವ ಹುದ್ದೆಗಳನ್ನು ಭರ್ತಿ ಮಾಡಬೇಕು. ಅತಿಥಿ ಶಿಕ್ಷಕರ ಸೇವೆ ಕಾಯಂಗೊಳಿಸಬೇಕು ಎಂದು ಮನವಿ ಮಾಡಿದರು.

ಬೆಳಿಗ್ಗೆ ವಿಶೇಷ ಪೂಜೆ ನೆರವೇರಿಸಲಾಯಿತು. ನಂತರ ರಥೋತ್ಸವ ನಡೆಯಿತು. ಸಾವಿರಾರು ಭಕ್ತರು ಪಾಲ್ಗೊಂಡಿದ್ದರು.

ಗ್ರಾಮದ ಪ್ರಮುಖ ಬೀದಿಗಳಲ್ಲಿ ಮೆರವಣಿಗೆ ಸಾಗಿತು. ವಾದ್ಯಮೇಳ, ಜಾನಪದ ಕಲಾ ತಂಡಗಳು ಆಕರ್ಷಣೆಯಾಗಿದ್ದವು.

ಭಕ್ತರಿಗೆ ಅನ್ನಸಂತರ್ಪಣೆ ವ್ಯವಸ್ಥೆ ಮಾಡಲಾಗಿತ್ತು. ಸುಗಮ ಸಂಚಾರಕ್ಕೆ ಪೊಲೀಸ್ ಬಂದೋಬಸ್ತ್ ಕಲ್ಪಿಸಲಾಗಿತ್ತು.

ಸಂಘಟನೆಯನ್ನು ಬಲಪಡಿಸುವ ನಿಟ್ಟಿನಲ್ಲಿ ಯುವಕರಿಗೆ ಹೆಚ್ಚಿನ ಜವಾಬ್ದಾರಿ ನೀಡಲಾಗಿದೆ ಎಂದು ಮುಖಂಡರು ಹೇಳಿದರು.

ಶೋಷಿತ ಸಮುದಾಯಗಳ ಹಕ್ಕುಗಳ ರಕ್ಷಣೆಗಾಗಿ ನಿರಂತರ ಹೋರಾಟ ಮಾಡಲಾಗುವುದು ಎಂದು ತಿಳಿಸಿದರು.

ಪ್ರಜಾಸೌಧ ಸ್ಥಳ ವಿವಾದ: 49ನೇ ದಿನಕ್ಕೆ ಮುಂದುವರಿದ ಧರಣಿ

ತಾಳಿಕೋಟೆ: ಪಟ್ಟಣದಲ್ಲಿ ಪ್ರಜಾಸೌಧ ನಿರ್ಮಾಣದ ಸ್ಥಳ ವಿವಾದಕ್ಕೆ ಸಂಬಂಧಿಸಿದಂತೆ ನಡೆಯುತ್ತಿರುವ ಅನಿರ್ದಿಷ್ಟಾವಧಿ ಧರಣಿ ಸತ್ಯಾಗ್ರಹ 49ನೇ ದಿನಕ್ಕೆ ಮುಂದುವರಿದಿದೆ.

ತಾಳಿಕೋಟೆಯಲ್ಲಿ ಪ್ರಜಾಸೌಧ ಸ್ಥಳ ವಿವಾದ ಖಂಡಿಸಿ ನಡೆಯುತ್ತಿರುವ ಧರಣಿ ಸತ್ಯಾಗ್ರಹ.

ಹೋರಾಟ ಸಮಿತಿಯ ಮುಖಂಡರು ಮಾತನಾಡಿ, ಸರ್ಕಾರ ಕೂಡಲೇ ಸ್ಥಳ ನಿಗದಿ ಮಾಡಿ ಕಾಮಗಾರಿ ಆರಂಭಿಸಬೇಕು ಎಂದು ಒತ್ತಾಯಿಸಿದರು.

ಹಲವು ಪ್ರಮುಖರು ಭೇಟಿ

ಬೇಡಿಕೆ ಈಡೇರುವವರೆಗೂ ಹೋರಾಟ ಮುಂದುವರಿಯಲಿದೆ. ಅಗತ್ಯಬಿದ್ದರೆ ಉಗ್ರ ಸ್ವರೂಪದ ಪ್ರತಿಭಟನೆ ನಡೆಸಲಾಗುವುದು ಎಂದು ಎಚ್ಚರಿಸಿದರು.

ಅಹೋರಾತ್ರಿ ಧರಣಿ

ಧರಣಿಯಲ್ಲಿ ವಿವಿಧ ಸಂಘಟನೆಗಳ ಪದಾಧಿಕಾರಿಗಳು, ಸಾರ್ವಜನಿಕರು ಹಾಗೂ ಮಹಿಳೆಯರು ಭಾಗವಹಿಸಿದ್ದರು.

ಮುಂದಿನ ಹೆಜ್ಜೆ

ಸ್ಥಳೀಯ ಜನಪ್ರತಿನಿಧಿಗಳು ಸಮಸ್ಯೆ ಬಗೆಹರಿಸುವಲ್ಲಿ ವಿಫಲರಾಗಿದ್ದಾರೆ ಎಂದು ಪ್ರತಿಭಟನಾಕಾರರು ಆರೋಪಿಸಿದರು.

ತಹಶೀಲ್ದಾರರ ಮೂಲಕ ಮುಖ್ಯಮಂತ್ರಿಗಳಿಗೆ ಮನವಿ ಪತ್ರ ಸಲ್ಲಿಸಲಾಯಿತು ಎಂದು ತಿಳಿಸಲಾಗಿದೆ.

ಹೋರಾಟ ಸಮಿತಿಯ ಮುಖಂಡರು ಮಾತನಾಡಿ, ಸರ್ಕಾರ ಕೂಡಲೇ ಸ್ಥಳ ನಿಗದಿ ಮಾಡಿ ಕಾಮಗಾರಿ ಆರಂಭಿಸಬೇಕು ಎಂದು ಒತ್ತಾಯಿಸಿದರು.

ಬೇಡಿಕೆ ಈಡೇರುವವರೆಗೂ ಹೋರಾಟ ಮುಂದುವರಿಯಲಿದೆ. ಅಗತ್ಯಬಿದ್ದರೆ ಉಗ್ರ ಸ್ವರೂಪದ ಪ್ರತಿಭಟನೆ ನಡೆಸಲಾಗುವುದು ಎಂದು ಎಚ್ಚರಿಸಿದರು.

ಧರಣಿಯಲ್ಲಿ ವಿವಿಧ ಸಂಘಟನೆಗಳ ಪದಾಧಿಕಾರಿಗಳು, ಸಾರ್ವಜನಿಕರು ಹಾಗೂ ಮಹಿಳೆಯರು ಭಾಗವಹಿಸಿದ್ದರು.

ಸ್ಥಳೀಯ ಜನಪ್ರತಿನಿಧಿಗಳು ಸಮಸ್ಯೆ ಬಗೆಹರಿಸುವಲ್ಲಿ ವಿಫಲರಾಗಿದ್ದಾರೆ ಎಂದು ಪ್ರತಿಭಟನಾಕಾರರು ಆರೋಪಿಸಿದರು.

ತಹಶೀಲ್ದಾರರ ಮೂಲಕ ಮುಖ್ಯಮಂತ್ರಿಗಳಿಗೆ ಮನವಿ ಪತ್ರ ಸಲ್ಲಿಸಲಾಯಿತು ಎಂದು ತಿಳಿಸಲಾಗಿದೆ.

ದಲಿತ ಸಂಘರ್ಷ ಸಮಿತಿ, ವಿದ್ಯಾರ್ಥಿ ಒಕ್ಕೂಟ ಪದಾಧಿಕಾರಿಗಳ ನೇಮಕ

ವಿಜಯಪುರ: ದಲಿತ ಸಂಘರ್ಷ ಸಮಿತಿ ಹಾಗೂ ವಿದ್ಯಾರ್ಥಿ ಒಕ್ಕೂಟದ ಜಿಲ್ಲಾ ಘಟಕದ ನೂತನ ಪದಾಧಿಕಾರಿಗಳನ್ನು ನೇಮಕ ಮಾಡಲಾಗಿದೆ ಎಂದು ಪ್ರಕಟಣೆ ತಿಳಿಸಿದೆ.

ಸಂಘಟನೆಯನ್ನು ಬಲಪಡಿಸುವ ನಿಟ್ಟಿನಲ್ಲಿ ಯುವಕರಿಗೆ ಹೆಚ್ಚಿನ ಜವಾಬ್ದಾರಿ ನೀಡಲಾಗಿದೆ ಎಂದು ಮುಖಂಡರು ಹೇಳಿದರು.

ಶೋಷಿತ ಸಮುದಾಯಗಳ ಹಕ್ಕುಗಳ ರಕ್ಷಣೆಗಾಗಿ ನಿರಂತರ ಹೋರಾಟ ಮಾಡಲಾಗುವುದು ಎಂದು ತಿಳಿಸಿದರು.

ಅಂಬೇಡ್ಕರ್ ಅವರ ತತ್ವಾದರ್ಶಗಳನ್ನು ಪಾಲಿಸುವ ಮೂಲಕ ಸಮಾಜದಲ್ಲಿ ಸಮಾನತೆ ತರಲು ಶ್ರಮಿಸುವುದಾಗಿ ಹೇಳಿದರು.

ಕಾರ್ಯಕ್ರಮದಲ್ಲಿ ಸಂಘಟನೆಯ ಹಿರಿಯ ಮುಖಂಡರು, ಕಾರ್ಯಕರ್ತರು ಹಾಗೂ ವಿದ್ಯಾರ್ಥಿಗಳು ಭಾಗವಹಿಸಿದ್ದರು.	ವಿಜಯಪುರದಲ್ಲಿ ದಲಿತ ಸಂಘರ್ಷ ಸಮಿತಿ ಹಾಗೂ ವಿದ್ಯಾರ್ಥಿ ಒಕ್ಕೂಟದ ನೂತನ ಪದಾಧಿಕಾರಿಗಳ ನೇಮಕ ಸಂದರ್ಭದಲ್ಲಿ ಗಣ್ಯರು ಹಾಜರಿದ್ದರು.

ಸಂಘಟನೆಯನ್ನು ಬಲಪಡಿಸುವ ನಿಟ್ಟಿನಲ್ಲಿ ಯುವಕರಿಗೆ ಹೆಚ್ಚಿನ ಜವಾಬ್ದಾರಿ ನೀಡಲಾಗಿದೆ ಎಂದು ಮುಖಂಡರು ಹೇಳಿದರು.

ಶೋಷಿತ ಸಮುದಾಯಗಳ ಹಕ್ಕುಗಳ ರಕ್ಷಣೆಗಾಗಿ ನಿರಂತರ ಹೋರಾಟ ಮಾಡಲಾಗುವುದು ಎಂದು ತಿಳಿಸಿದರು.

ಅಂಬೇಡ್ಕರ್ ಅವರ ತತ್ವಾದರ್ಶಗಳನ್ನು ಪಾಲಿಸುವ ಮೂಲಕ ಸಮಾಜದಲ್ಲಿ ಸಮಾನತೆ ತರಲು ಶ್ರಮಿಸುವುದಾಗಿ ಹೇಳಿದರು.

ಕಾರ್ಯಕ್ರಮದಲ್ಲಿ ಸಂಘಟನೆಯ ಹಿರಿಯ ಮುಖಂಡರು, ಕಾರ್ಯಕರ್ತರು ಹಾಗೂ ವಿದ್ಯಾರ್ಥಿಗಳು ಭಾಗವಹಿಸಿದ್ದರು.
